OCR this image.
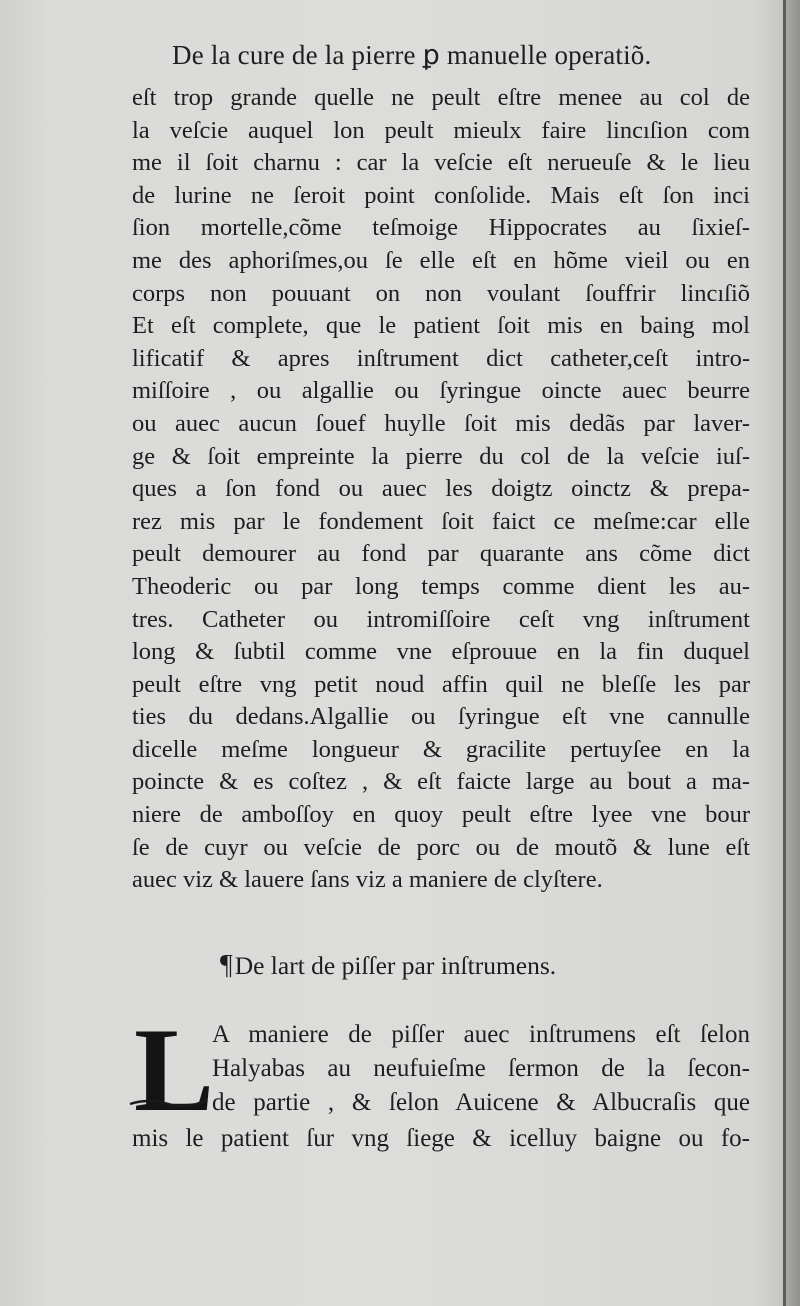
De la cure de la pierre ꝑ manuelle operatiõ.
eſt trop grande quelle ne peult eſtre menee au col de
la veſcie auquel lon peult mieulx faire lincıſion com
me il ſoit charnu : car la veſcie eſt nerueuſe & le lieu
de lurine ne ſeroit point conſolide. Mais eſt ſon inci
ſion mortelle,cõme teſmoige Hippocrates au ſixieſ-
me des aphoriſmes,ou ſe elle eſt en hõme vieil ou en
corps non pouuant on non voulant ſouffrir lincıſiõ
Et eſt complete, que le patient ſoit mis en baing mol
lificatif & apres inſtrument dict catheter,ceſt intro-
miſſoire , ou algallie ou ſyringue oincte auec beurre
ou auec aucun ſouef huylle ſoit mis dedãs par laver-
ge & ſoit empreinte la pierre du col de la veſcie iuſ-
ques a ſon fond ou auec les doigtz oinctz & prepa-
rez mis par le fondement ſoit faict ce meſme:car elle
peult demourer au fond par quarante ans cõme dict
Theoderic ou par long temps comme dient les au-
tres. Catheter ou intromiſſoire ceſt vng inſtrument
long & ſubtil comme vne eſprouue en la fin duquel
peult eſtre vng petit noud affin quil ne bleſſe les par
ties du dedans.Algallie ou ſyringue eſt vne cannulle
dicelle meſme longueur & gracilite pertuyſee en la
poincte & es coſtez , & eſt faicte large au bout a ma-
niere de amboſſoy en quoy peult eſtre lyee vne bour
ſe de cuyr ou veſcie de porc ou de moutõ & lune eſt
auec viz & lauere ſans viz a maniere de clyſtere.
¶De lart de piſſer par inſtrumens.
L
A maniere de piſſer auec inſtrumens eſt ſelon
Halyabas au neufuieſme ſermon de la ſecon-
de partie , & ſelon Auicene & Albucraſis que
mis le patient ſur vng ſiege & icelluy baigne ou fo-
